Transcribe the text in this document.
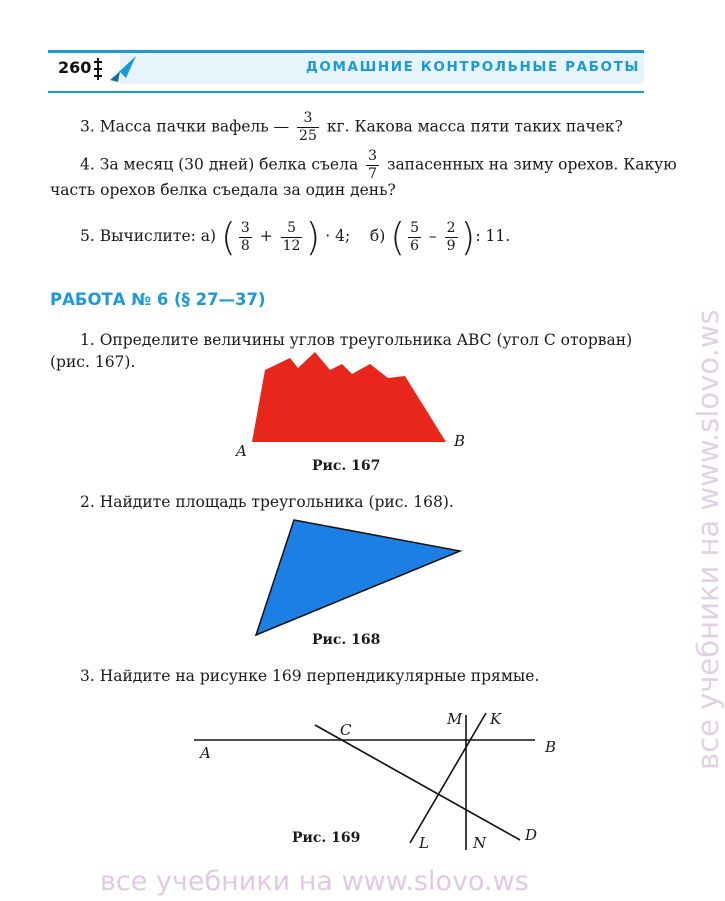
260	ДОМАШНИЕ КОНТРОЛЬНЫЕ РАБОТЫ
3. Масса пачки вафель — $\frac{3}{25}$ кг. Какова масса пяти таких пачек?
4. За месяц (30 дней) белка съела $\frac{3}{7}$ запасенных на зиму орехов. Какую
часть орехов белка съедала за один день?
5. Вычислите: а) ( $\frac{3}{8} + \frac{5}{12}$ ) · 4; б) ( $\frac{5}{6} - \frac{2}{9}$ ): 11.
РАБОТА № 6 (§ 27—37)
1. Определите величины углов треугольника ABC (угол C оторван)
(рис. 167).
A
B
Рис. 167
2. Найдите площадь треугольника (рис. 168).
Рис. 168
3. Найдите на рисунке 169 перпендикулярные прямые.
A	B
C
D
M K
L	N
Рис. 169
все учебники на www.slovo.ws
все учебники на www.slovo.ws
